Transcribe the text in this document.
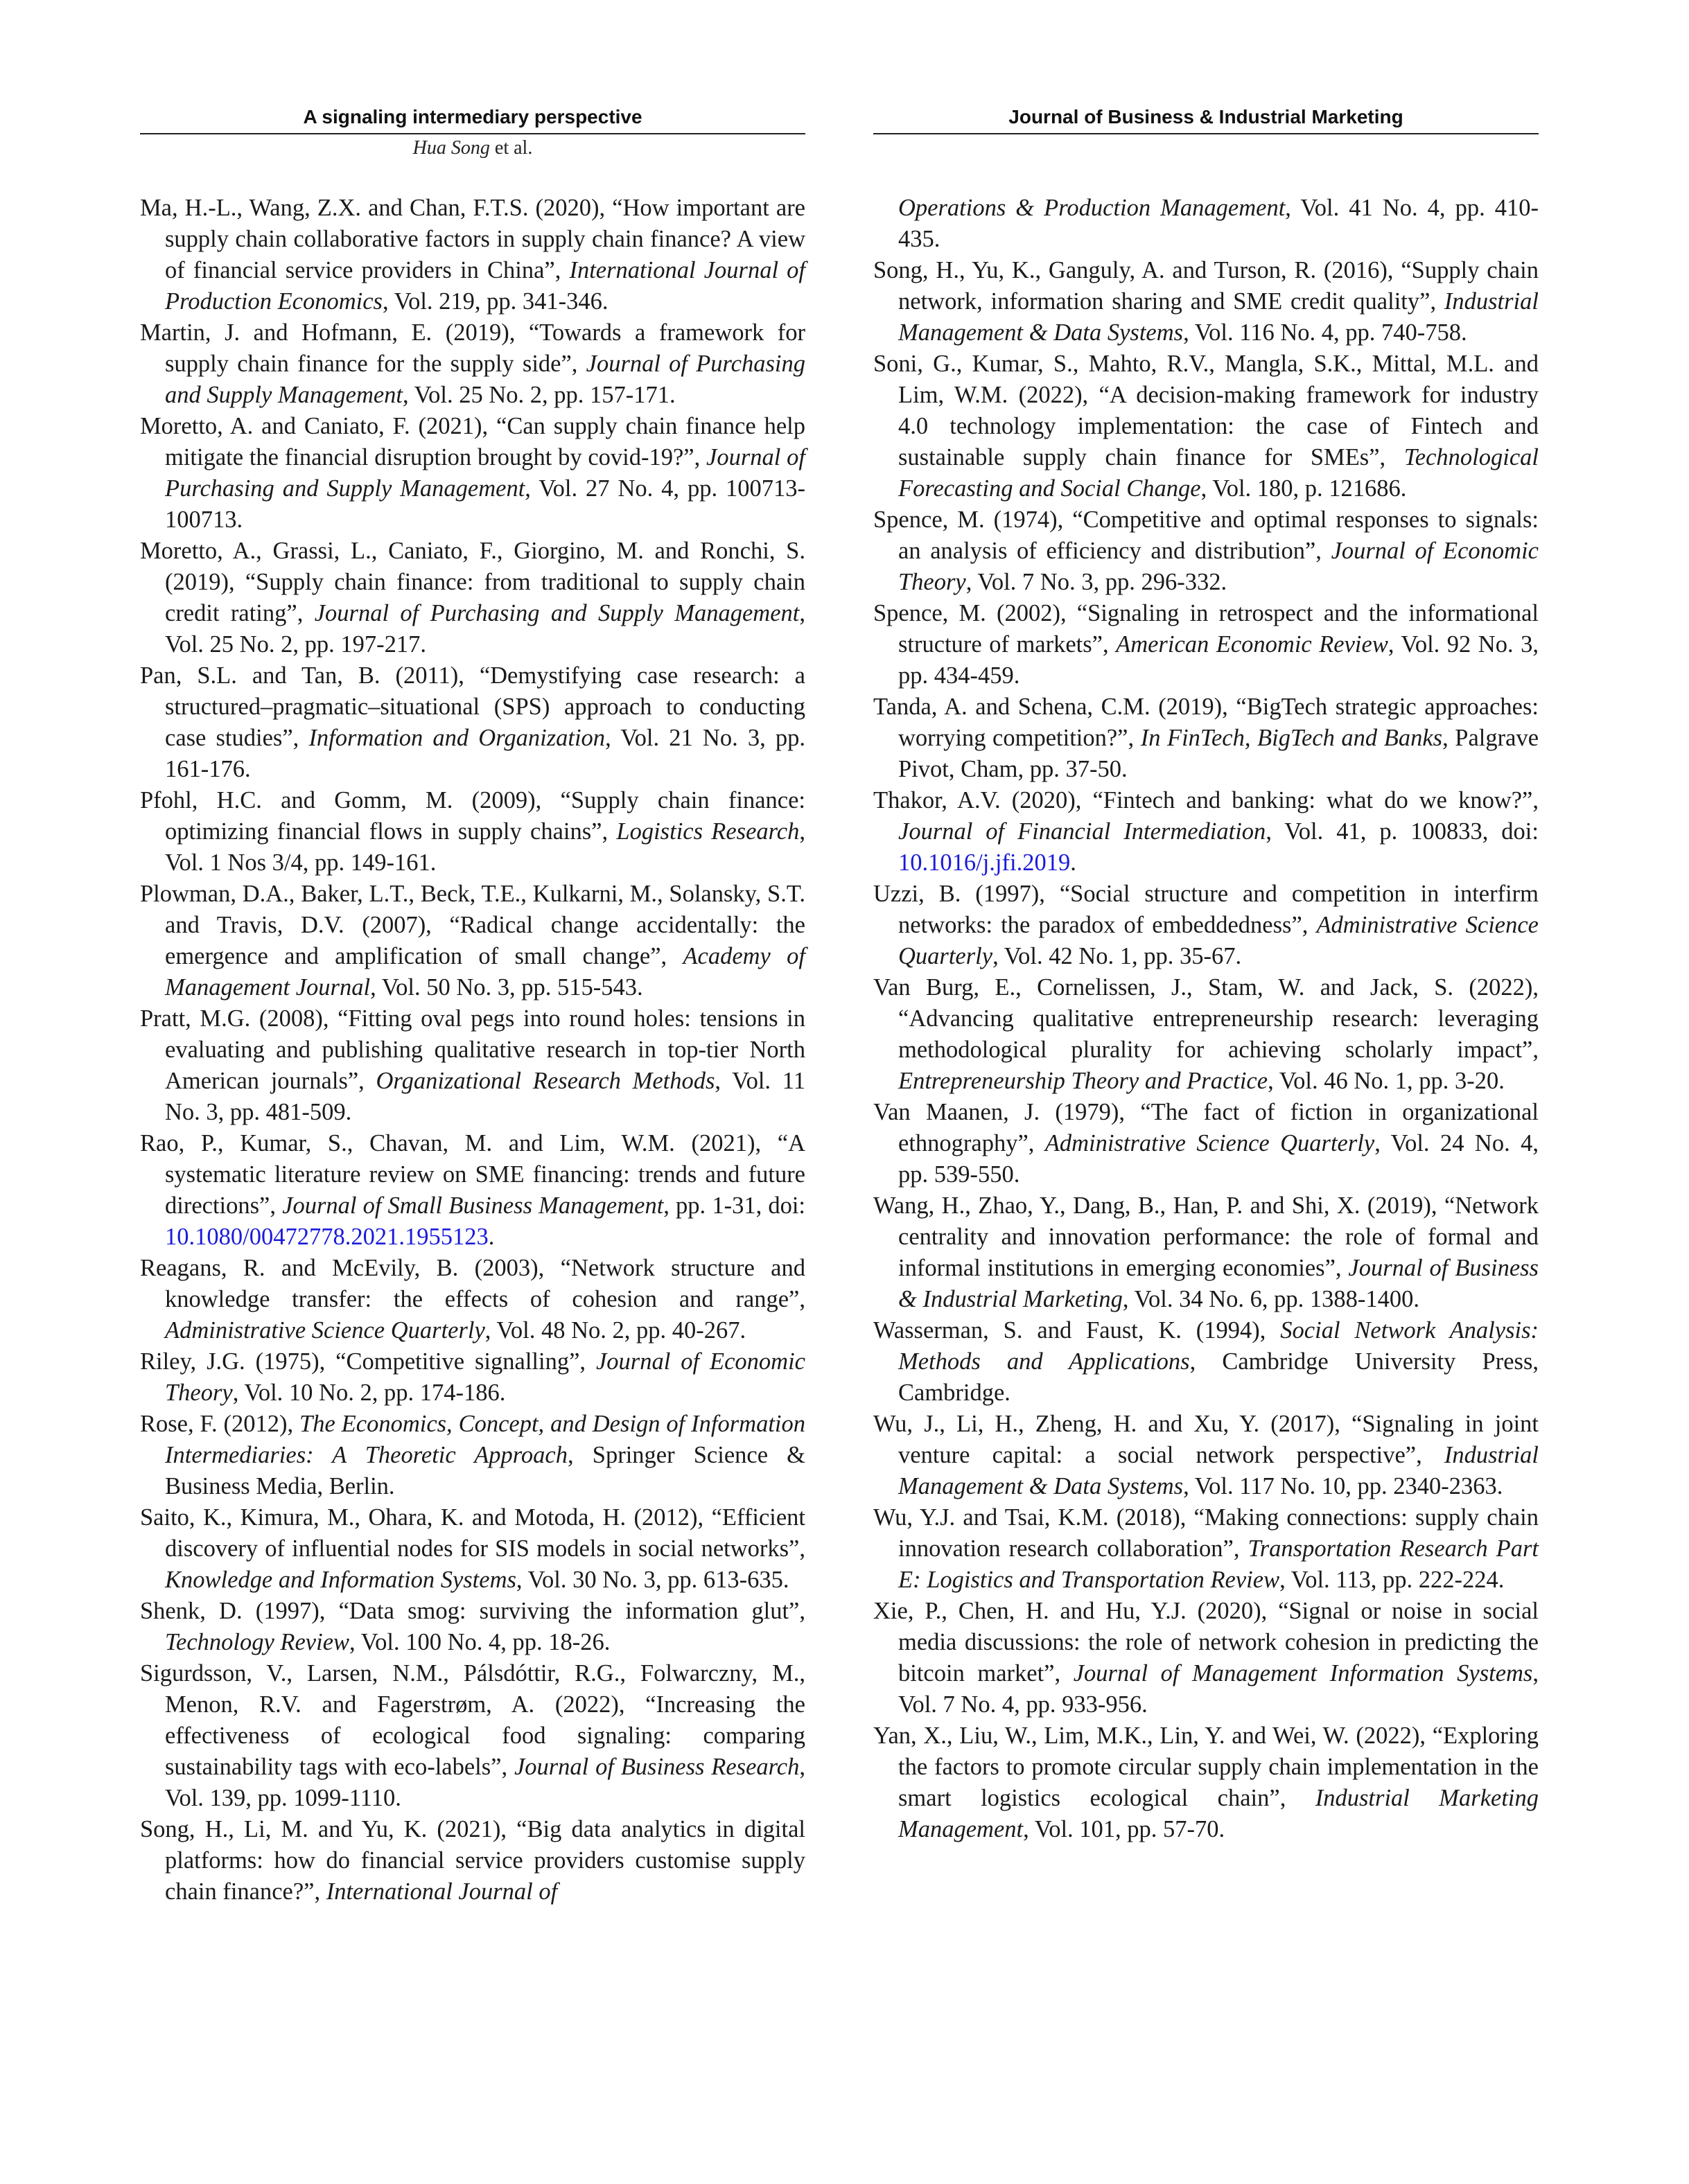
A signaling intermediary perspective	Journal of Business & Industrial Marketing
Hua Song et al.

Ma, H.-L., Wang, Z.X. and Chan, F.T.S. (2020), “How important are supply chain collaborative factors in supply chain finance? A view of financial service providers in China”, International Journal of Production Economics, Vol. 219, pp. 341-346.

Martin, J. and Hofmann, E. (2019), “Towards a framework for supply chain finance for the supply side”, Journal of Purchasing and Supply Management, Vol. 25 No. 2, pp. 157-171.

Moretto, A. and Caniato, F. (2021), “Can supply chain finance help mitigate the financial disruption brought by covid-19?”, Journal of Purchasing and Supply Management, Vol. 27 No. 4, pp. 100713-100713.

Moretto, A., Grassi, L., Caniato, F., Giorgino, M. and Ronchi, S. (2019), “Supply chain finance: from traditional to supply chain credit rating”, Journal of Purchasing and Supply Management, Vol. 25 No. 2, pp. 197-217.

Pan, S.L. and Tan, B. (2011), “Demystifying case research: a structured–pragmatic–situational (SPS) approach to conducting case studies”, Information and Organization, Vol. 21 No. 3, pp. 161-176.

Pfohl, H.C. and Gomm, M. (2009), “Supply chain finance: optimizing financial flows in supply chains”, Logistics Research, Vol. 1 Nos 3/4, pp. 149-161.

Plowman, D.A., Baker, L.T., Beck, T.E., Kulkarni, M., Solansky, S.T. and Travis, D.V. (2007), “Radical change accidentally: the emergence and amplification of small change”, Academy of Management Journal, Vol. 50 No. 3, pp. 515-543.

Pratt, M.G. (2008), “Fitting oval pegs into round holes: tensions in evaluating and publishing qualitative research in top-tier North American journals”, Organizational Research Methods, Vol. 11 No. 3, pp. 481-509.

Rao, P., Kumar, S., Chavan, M. and Lim, W.M. (2021), “A systematic literature review on SME financing: trends and future directions”, Journal of Small Business Management, pp. 1-31, doi: 10.1080/00472778.2021.1955123.

Reagans, R. and McEvily, B. (2003), “Network structure and knowledge transfer: the effects of cohesion and range”, Administrative Science Quarterly, Vol. 48 No. 2, pp. 40-267.

Riley, J.G. (1975), “Competitive signalling”, Journal of Economic Theory, Vol. 10 No. 2, pp. 174-186.

Rose, F. (2012), The Economics, Concept, and Design of Information Intermediaries: A Theoretic Approach, Springer Science & Business Media, Berlin.

Saito, K., Kimura, M., Ohara, K. and Motoda, H. (2012), “Efficient discovery of influential nodes for SIS models in social networks”, Knowledge and Information Systems, Vol. 30 No. 3, pp. 613-635.

Shenk, D. (1997), “Data smog: surviving the information glut”, Technology Review, Vol. 100 No. 4, pp. 18-26.

Sigurdsson, V., Larsen, N.M., Pálsdóttir, R.G., Folwarczny, M., Menon, R.V. and Fagerstrøm, A. (2022), “Increasing the effectiveness of ecological food signaling: comparing sustainability tags with eco-labels”, Journal of Business Research, Vol. 139, pp. 1099-1110.

Song, H., Li, M. and Yu, K. (2021), “Big data analytics in digital platforms: how do financial service providers customise supply chain finance?”, International Journal of

Operations & Production Management, Vol. 41 No. 4, pp. 410-435.

Song, H., Yu, K., Ganguly, A. and Turson, R. (2016), “Supply chain network, information sharing and SME credit quality”, Industrial Management & Data Systems, Vol. 116 No. 4, pp. 740-758.

Soni, G., Kumar, S., Mahto, R.V., Mangla, S.K., Mittal, M.L. and Lim, W.M. (2022), “A decision-making framework for industry 4.0 technology implementation: the case of Fintech and sustainable supply chain finance for SMEs”, Technological Forecasting and Social Change, Vol. 180, p. 121686.

Spence, M. (1974), “Competitive and optimal responses to signals: an analysis of efficiency and distribution”, Journal of Economic Theory, Vol. 7 No. 3, pp. 296-332.

Spence, M. (2002), “Signaling in retrospect and the informational structure of markets”, American Economic Review, Vol. 92 No. 3, pp. 434-459.

Tanda, A. and Schena, C.M. (2019), “BigTech strategic approaches: worrying competition?”, In FinTech, BigTech and Banks, Palgrave Pivot, Cham, pp. 37-50.

Thakor, A.V. (2020), “Fintech and banking: what do we know?”, Journal of Financial Intermediation, Vol. 41, p. 100833, doi: 10.1016/j.jfi.2019.

Uzzi, B. (1997), “Social structure and competition in interfirm networks: the paradox of embeddedness”, Administrative Science Quarterly, Vol. 42 No. 1, pp. 35-67.

Van Burg, E., Cornelissen, J., Stam, W. and Jack, S. (2022), “Advancing qualitative entrepreneurship research: leveraging methodological plurality for achieving scholarly impact”, Entrepreneurship Theory and Practice, Vol. 46 No. 1, pp. 3-20.

Van Maanen, J. (1979), “The fact of fiction in organizational ethnography”, Administrative Science Quarterly, Vol. 24 No. 4, pp. 539-550.

Wang, H., Zhao, Y., Dang, B., Han, P. and Shi, X. (2019), “Network centrality and innovation performance: the role of formal and informal institutions in emerging economies”, Journal of Business & Industrial Marketing, Vol. 34 No. 6, pp. 1388-1400.

Wasserman, S. and Faust, K. (1994), Social Network Analysis: Methods and Applications, Cambridge University Press, Cambridge.

Wu, J., Li, H., Zheng, H. and Xu, Y. (2017), “Signaling in joint venture capital: a social network perspective”, Industrial Management & Data Systems, Vol. 117 No. 10, pp. 2340-2363.

Wu, Y.J. and Tsai, K.M. (2018), “Making connections: supply chain innovation research collaboration”, Transportation Research Part E: Logistics and Transportation Review, Vol. 113, pp. 222-224.

Xie, P., Chen, H. and Hu, Y.J. (2020), “Signal or noise in social media discussions: the role of network cohesion in predicting the bitcoin market”, Journal of Management Information Systems, Vol. 7 No. 4, pp. 933-956.

Yan, X., Liu, W., Lim, M.K., Lin, Y. and Wei, W. (2022), “Exploring the factors to promote circular supply chain implementation in the smart logistics ecological chain”, Industrial Marketing Management, Vol. 101, pp. 57-70.
